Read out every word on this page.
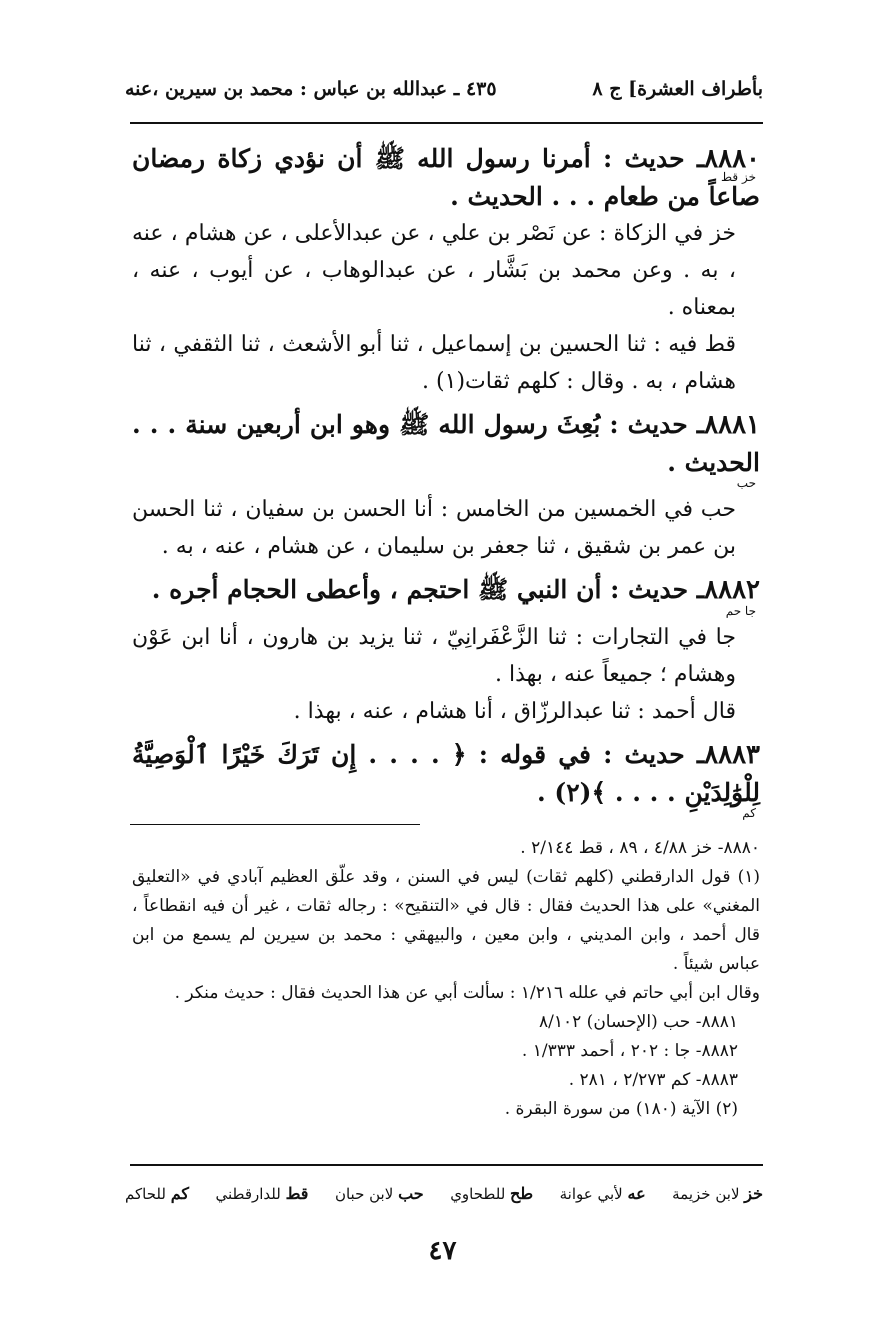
بأطراف العشرة] ج ٨
٤٣٥ ـ عبدالله بن عباس : محمد بن سيرين ،عنه

٨٨٨٠ـ حديث : أمرنا رسول الله ﷺ أن نؤدي زكاة رمضان صاعاً من طعام . . . الحديث .

خز قط

خز في الزكاة : عن نَصْر بن علي ، عن عبدالأعلى ، عن هشام ، عنه ، به . وعن محمد بن بَشَّار ، عن عبدالوهاب ، عن أيوب ، عنه ، بمعناه .

قط فيه : ثنا الحسين بن إسماعيل ، ثنا أبو الأشعث ، ثنا الثقفي ، ثنا هشام ، به . وقال : كلهم ثقات(١) .

٨٨٨١ـ حديث : بُعِثَ رسول الله ﷺ وهو ابن أربعين سنة . . . الحديث .

حب

حب في الخمسين من الخامس : أنا الحسن بن سفيان ، ثنا الحسن بن عمر بن شقيق ، ثنا جعفر بن سليمان ، عن هشام ، عنه ، به .

٨٨٨٢ـ حديث : أن النبي ﷺ احتجم ، وأعطى الحجام أجره .

جا حم

جا في التجارات : ثنا الزَّعْفَرانِيّ ، ثنا يزيد بن هارون ، أنا ابن عَوْن وهشام ؛ جميعاً عنه ، بهذا .

قال أحمد : ثنا عبدالرزّاق ، أنا هشام ، عنه ، بهذا .

٨٨٨٣ـ حديث : في قوله : ﴿ . . . . إِن تَرَكَ خَيْرًا ٱلْوَصِيَّةُ لِلْوَٰلِدَيْنِ . . . . ﴾(٢) .

كم

٨٨٨٠- خز ٤/٨٨ ، ٨٩ ، قط ٢/١٤٤ .

(١) قول الدارقطني (كلهم ثقات) ليس في السنن ، وقد علّق العظيم آبادي في «التعليق المغني» على هذا الحديث فقال : قال في «التنقيح» : رجاله ثقات ، غير أن فيه انقطاعاً ، قال أحمد ، وابن المديني ، وابن معين ، والبيهقي : محمد بن سيرين لم يسمع من ابن عباس شيئاً .

وقال ابن أبي حاتم في علله ١/٢١٦ : سألت أبي عن هذا الحديث فقال : حديث منكر .

٨٨٨١- حب (الإحسان) ٨/١٠٢

٨٨٨٢- جا : ٢٠٢ ، أحمد ١/٣٣٣ .

٨٨٨٣- كم ٢/٢٧٣ ، ٢٨١ .

(٢) الآية (١٨٠) من سورة البقرة .

خز لابن خزيمة
عه لأبي عوانة
طح للطحاوي
حب لابن حبان
قط للدارقطني
كم للحاكم
٤٧
